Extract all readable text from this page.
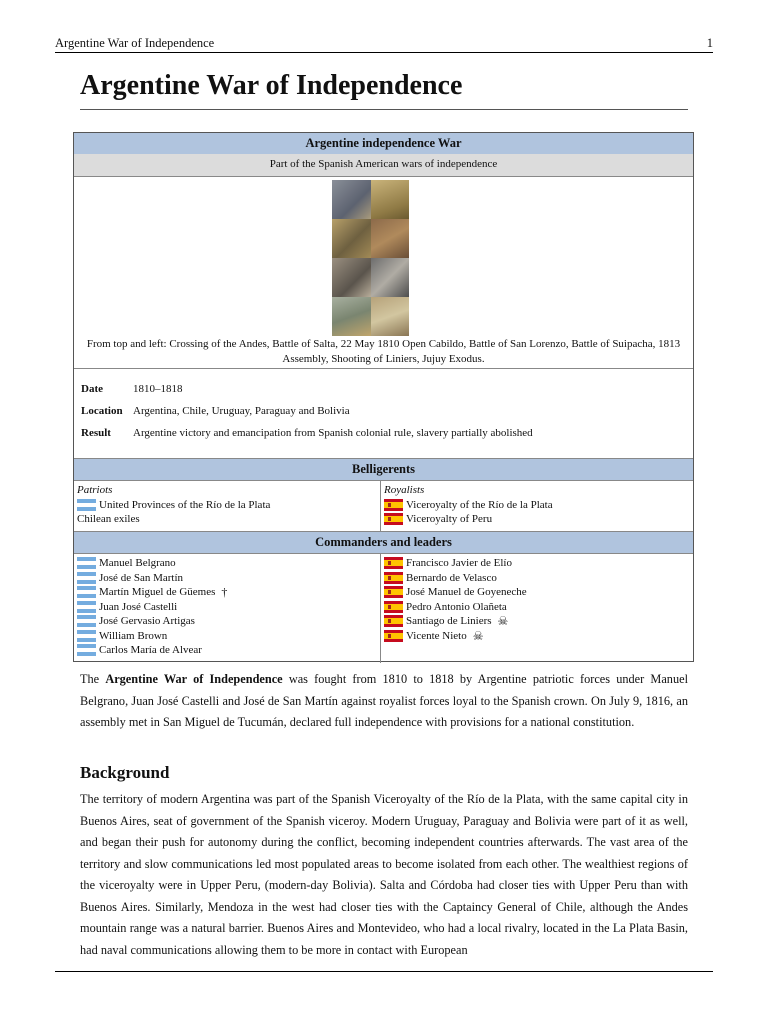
Argentine War of Independence	1
Argentine War of Independence
Argentine independence War
Part of the Spanish American wars of independence
From top and left: Crossing of the Andes, Battle of Salta, 22 May 1810 Open Cabildo, Battle of San Lorenzo, Battle of Suipacha, 1813 Assembly, Shooting of Liniers, Jujuy Exodus.
Date	1810–1818
Location Argentina, Chile, Uruguay, Paraguay and Bolivia
Result	Argentine victory and emancipation from Spanish colonial rule, slavery partially abolished
Belligerents
Patriots
United Provinces of the Río de la Plata
Chilean exiles
Royalists
Viceroyalty of the Río de la Plata
Viceroyalty of Peru
Commanders and leaders
Manuel Belgrano
José de San Martín
Martín Miguel de Güemes †
Juan José Castelli
José Gervasio Artigas
William Brown
Carlos María de Alvear
Francisco Javier de Elío
Bernardo de Velasco
José Manuel de Goyeneche
Pedro Antonio Olañeta
Santiago de Liniers ☠
Vicente Nieto ☠

The Argentine War of Independence was fought from 1810 to 1818 by Argentine patriotic forces under Manuel Belgrano, Juan José Castelli and José de San Martín against royalist forces loyal to the Spanish crown. On July 9, 1816, an assembly met in San Miguel de Tucumán, declared full independence with provisions for a national constitution.

Background

The territory of modern Argentina was part of the Spanish Viceroyalty of the Río de la Plata, with the same capital city in Buenos Aires, seat of government of the Spanish viceroy. Modern Uruguay, Paraguay and Bolivia were part of it as well, and began their push for autonomy during the conflict, becoming independent countries afterwards. The vast area of the territory and slow communications led most populated areas to become isolated from each other. The wealthiest regions of the viceroyalty were in Upper Peru, (modern-day Bolivia). Salta and Córdoba had closer ties with Upper Peru than with Buenos Aires. Similarly, Mendoza in the west had closer ties with the Captaincy General of Chile, although the Andes mountain range was a natural barrier. Buenos Aires and Montevideo, who had a local rivalry, located in the La Plata Basin, had naval communications allowing them to be more in contact with European
